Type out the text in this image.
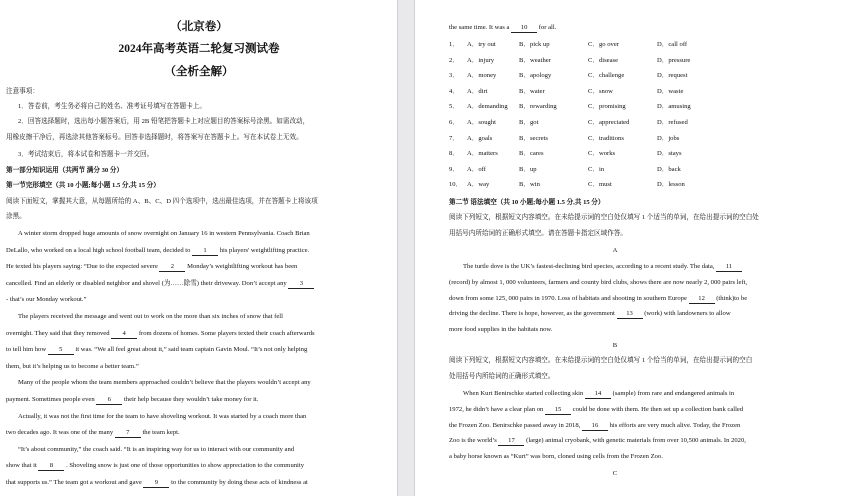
（北京卷）
2024年高考英语二轮复习测试卷
（全析全解）
注意事项：
1．答卷前，考生务必将自己的姓名、准考证号填写在答题卡上。
2．回答选择题时，选出每小题答案后，用 2B 铅笔把答题卡上对应题目的答案标号涂黑。如需改动，
用橡皮擦干净后，再选涂其他答案标号。回答非选择题时，将答案写在答题卡上。写在本试卷上无效。
3．考试结束后，将本试卷和答题卡一并交回。
第一部分知识运用（共两节 满分 30 分）
第一节完形填空（共 10 小题;每小题 1.5 分,共 15 分）
阅读下面短文，掌握其大意，从每题所给的 A、B、C、D 四个选项中，选出最佳选项，并在答题卡上将该项
涂黑。
A winter storm dropped huge amounts of snow overnight on January 16 in western Pennsylvania. Coach Brian
DeLallo, who worked on a local high school football team, decided to 1 his players' weightlifting practice.
He texted his players saying: “Due to the expected severe 2 Monday’s weightlifting workout has been
cancelled. Find an elderly or disabled neighbor and shovel (为……除雪) their driveway. Don’t accept any 3
- that’s our Monday workout.”
The players received the message and went out to work on the more than six inches of snow that fell
overnight. They said that they removed 4 from dozens of homes. Some players texted their coach afterwards
to tell him how 5 it was. “We all feel great about it,” said team captain Gavin Moul. “It’s not only helping
them, but it’s helping us to become a better team.”
Many of the people whom the team members approached couldn’t believe that the players wouldn’t accept any
payment. Sometimes people even 6 their help because they wouldn’t take money for it.
Actually, it was not the first time for the team to have shoveling workout. It was started by a coach more than
two decades ago. It was one of the many 7 the team kept.
“It’s about community,” the coach said. “It is an inspiring way for us to interact with our community and
show that it 8 . Shoveling snow is just one of those opportunities to show appreciation to the community
that supports us.” The team got a workout and gave 9 to the community by doing these acts of kindness at
the same time. It was a 10 for all.
1． A．try out	B．pick up	C．go over	D．call off
2． A．injury	B．weather	C．disease	D．pressure
3． A．money	B．apology	C．challenge	D．request
4． A．dirt	B．water	C．snow	D．waste
5． A．demanding B．rewarding	C．promising	D．amusing
6． A．sought	B．got	C．appreciated	D．refused
7． A．goals	B．secrets	C．traditions	D．jobs
8． A．matters	B．cares	C．works	D．stays
9． A．off	B．up	C．in	D．back
10． A．way	B．win	C．must	D．lesson
第二节 语法填空（共 10 小题;每小题 1.5 分,共 15 分）
阅读下列短文，根据短文内容填空。在未给提示词的空白处仅填写 1 个适当的单词，在给出提示词的空白处
用括号内所给词的正确形式填空。请在答题卡指定区域作答。
A
The turtle dove is the UK’s fastest-declining bird species, according to a recent study. The data, 11
(record) by almost 1, 000 volunteers, farmers and county bird clubs, shows there are now nearly 2, 000 pairs left,
down from some 125, 000 pairs in 1970. Loss of habitats and shooting in southern Europe 12 (think)to be
driving the decline. There is hope, however, as the government 13 (work) with landowners to allow
more food supplies in the habitats now.
B
阅读下列短文，根据短文内容填空。在未给提示词的空白处仅填写 1 个恰当的单词，在给出提示词的空白
处用括号内所给词的正确形式填空。
When Kurt Benirschke started collecting skin 14 (sample) from rare and endangered animals in
1972, he didn’t have a clear plan on 15 could be done with them. He then set up a collection bank called
the Frozen Zoo. Benirschke passed away in 2018, 16 his efforts are very much alive. Today, the Frozen
Zoo is the world’s 17 (large) animal cryobank, with genetic materials from over 10,500 animals. In 2020,
a baby horse known as “Kurt” was born, cloned using cells from the Frozen Zoo.
C
